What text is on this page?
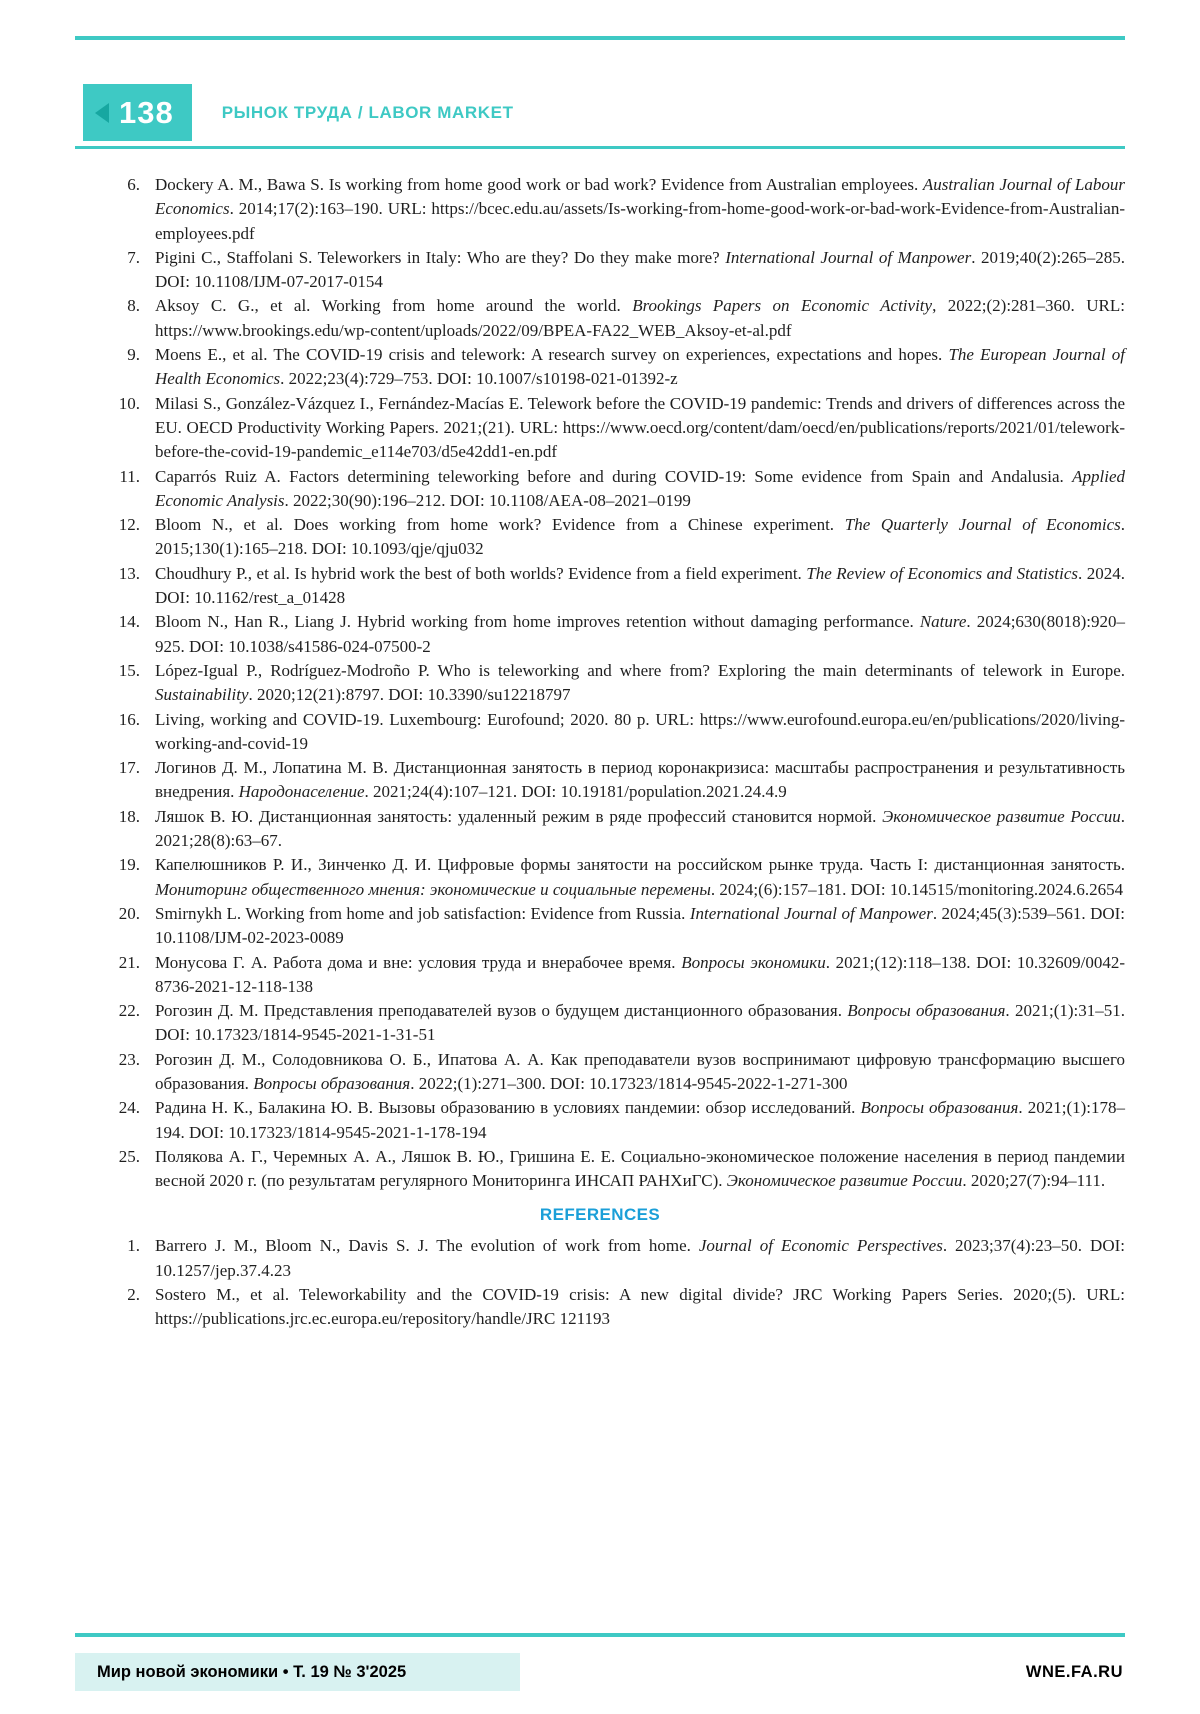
138	РЫНОК ТРУДА / LABOR MARKET
6. Dockery A. M., Bawa S. Is working from home good work or bad work? Evidence from Australian employees. Australian Journal of Labour Economics. 2014;17(2):163–190. URL: https://bcec.edu.au/assets/Is-working-from-home-good-work-or-bad-work-Evidence-from-Australian-employees.pdf
7. Pigini C., Staffolani S. Teleworkers in Italy: Who are they? Do they make more? International Journal of Manpower. 2019;40(2):265–285. DOI: 10.1108/IJM-07-2017-0154
8. Aksoy C. G., et al. Working from home around the world. Brookings Papers on Economic Activity, 2022;(2):281–360. URL: https://www.brookings.edu/wp-content/uploads/2022/09/BPEA-FA22_WEB_Aksoy-et-al.pdf
9. Moens E., et al. The COVID-19 crisis and telework: A research survey on experiences, expectations and hopes. The European Journal of Health Economics. 2022;23(4):729–753. DOI: 10.1007/s10198-021-01392-z
10. Milasi S., González-Vázquez I., Fernández-Macías E. Telework before the COVID-19 pandemic: Trends and drivers of differences across the EU. OECD Productivity Working Papers. 2021;(21). URL: https://www.oecd.org/content/dam/oecd/en/publications/reports/2021/01/telework-before-the-covid-19-pandemic_e114e703/d5e42dd1-en.pdf
11. Caparrós Ruiz A. Factors determining teleworking before and during COVID-19: Some evidence from Spain and Andalusia. Applied Economic Analysis. 2022;30(90):196–212. DOI: 10.1108/AEA-08–2021–0199
12. Bloom N., et al. Does working from home work? Evidence from a Chinese experiment. The Quarterly Journal of Economics. 2015;130(1):165–218. DOI: 10.1093/qje/qju032
13. Choudhury P., et al. Is hybrid work the best of both worlds? Evidence from a field experiment. The Review of Economics and Statistics. 2024. DOI: 10.1162/rest_a_01428
14. Bloom N., Han R., Liang J. Hybrid working from home improves retention without damaging performance. Nature. 2024;630(8018):920–925. DOI: 10.1038/s41586-024-07500-2
15. López-Igual P., Rodríguez-Modroño P. Who is teleworking and where from? Exploring the main determinants of telework in Europe. Sustainability. 2020;12(21):8797. DOI: 10.3390/su12218797
16. Living, working and COVID-19. Luxembourg: Eurofound; 2020. 80 p. URL: https://www.eurofound.europa.eu/en/publications/2020/living-working-and-covid-19
17. Логинов Д. М., Лопатина М. В. Дистанционная занятость в период коронакризиса: масштабы распространения и результативность внедрения. Народонаселение. 2021;24(4):107–121. DOI: 10.19181/population.2021.24.4.9
18. Ляшок В. Ю. Дистанционная занятость: удаленный режим в ряде профессий становится нормой. Экономическое развитие России. 2021;28(8):63–67.
19. Капелюшников Р. И., Зинченко Д. И. Цифровые формы занятости на российском рынке труда. Часть I: дистанционная занятость. Мониторинг общественного мнения: экономические и социальные перемены. 2024;(6):157–181. DOI: 10.14515/monitoring.2024.6.2654
20. Smirnykh L. Working from home and job satisfaction: Evidence from Russia. International Journal of Manpower. 2024;45(3):539–561. DOI: 10.1108/IJM-02-2023-0089
21. Монусова Г. А. Работа дома и вне: условия труда и внерабочее время. Вопросы экономики. 2021;(12):118–138. DOI: 10.32609/0042-8736-2021-12-118-138
22. Рогозин Д. М. Представления преподавателей вузов о будущем дистанционного образования. Вопросы образования. 2021;(1):31–51. DOI: 10.17323/1814-9545-2021-1-31-51
23. Рогозин Д. М., Солодовникова О. Б., Ипатова А. А. Как преподаватели вузов воспринимают цифровую трансформацию высшего образования. Вопросы образования. 2022;(1):271–300. DOI: 10.17323/1814-9545-2022-1-271-300
24. Радина Н. К., Балакина Ю. В. Вызовы образованию в условиях пандемии: обзор исследований. Вопросы образования. 2021;(1):178–194. DOI: 10.17323/1814-9545-2021-1-178-194
25. Полякова А. Г., Черемных А. А., Ляшок В. Ю., Гришина Е. Е. Социально-экономическое положение населения в период пандемии весной 2020 г. (по результатам регулярного Мониторинга ИНСАП РАНХиГС). Экономическое развитие России. 2020;27(7):94–111.
REFERENCES
1. Barrero J. M., Bloom N., Davis S. J. The evolution of work from home. Journal of Economic Perspectives. 2023;37(4):23–50. DOI: 10.1257/jep.37.4.23
2. Sostero M., et al. Teleworkability and the COVID-19 crisis: A new digital divide? JRC Working Papers Series. 2020;(5). URL: https://publications.jrc.ec.europa.eu/repository/handle/JRC 121193
Мир новой экономики • Т. 19 № 3'2025	WNE.FA.RU
